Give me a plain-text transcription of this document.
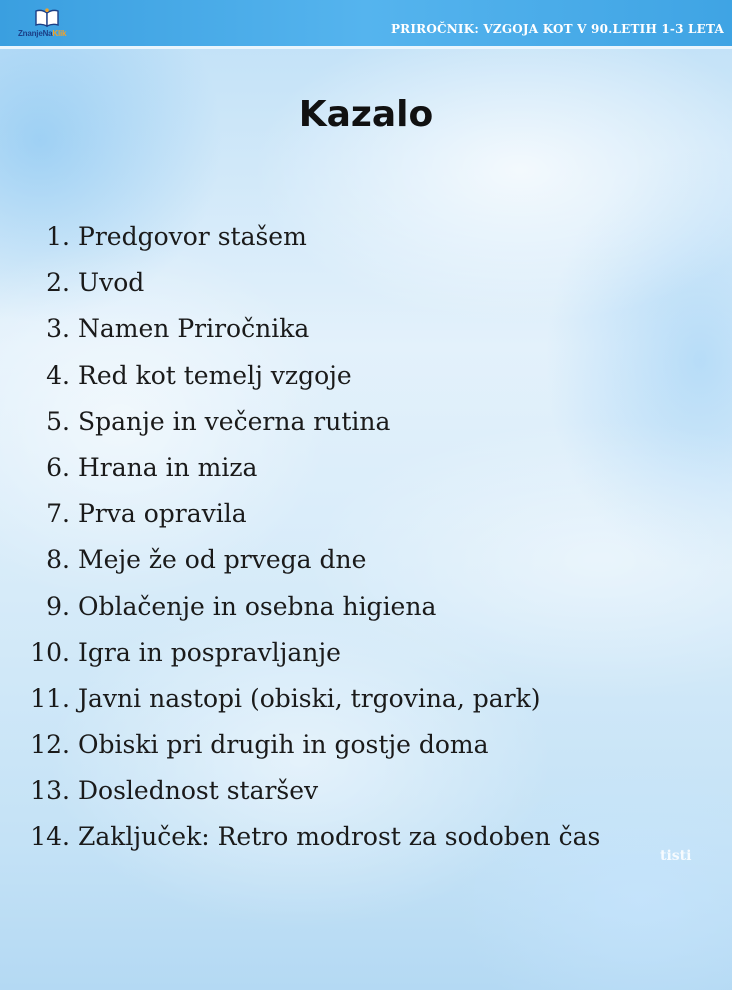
ZnanjeNaKlik	PRIROČNIK: VZGOJA KOT V 90.LETIH 1-3 LETA
Kazalo
1. Predgovor stašem
2. Uvod
3. Namen Priročnika
4. Red kot temelj vzgoje
5. Spanje in večerna rutina
6. Hrana in miza
7. Prva opravila
8. Meje že od prvega dne
9. Oblačenje in osebna higiena
10. Igra in pospravljanje
11. Javni nastopi (obiski, trgovina, park)
12. Obiski pri drugih in gostje doma
13. Doslednost staršev
14. Zaključek: Retro modrost za sodoben čas
tisti
